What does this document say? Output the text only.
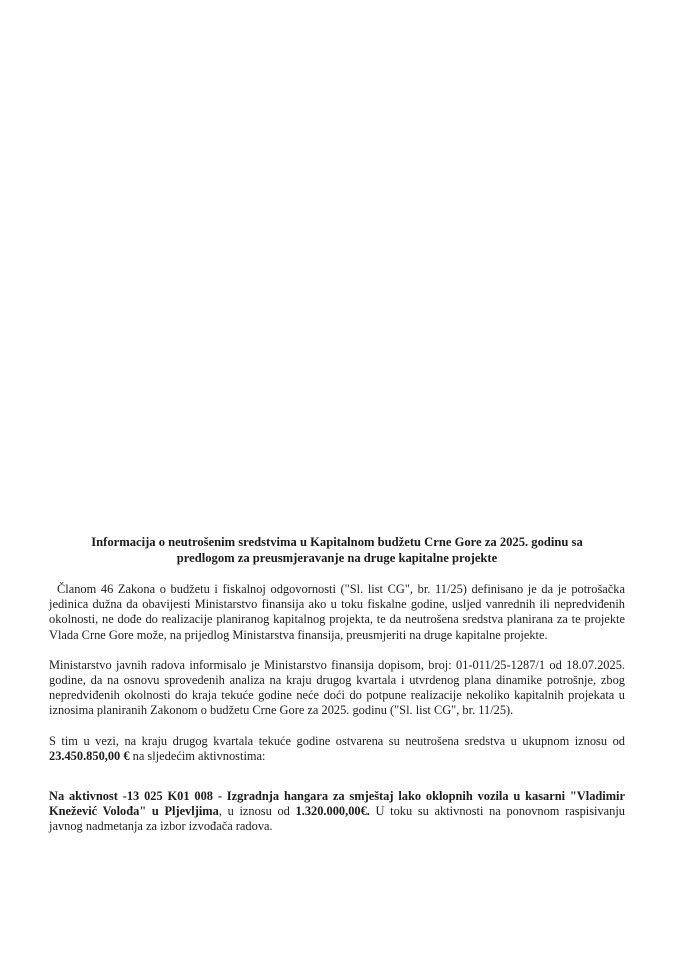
Informacija o neutrošenim sredstvima u Kapitalnom budžetu Crne Gore za 2025. godinu sa predlogom za preusmjeravanje na druge kapitalne projekte

Članom 46 Zakona o budžetu i fiskalnoj odgovornosti ("Sl. list CG", br. 11/25) definisano je da je potrošačka jedinica dužna da obavijesti Ministarstvo finansija ako u toku fiskalne godine, usljed vanrednih ili nepredviđenih okolnosti, ne dođe do realizacije planiranog kapitalnog projekta, te da neutrošena sredstva planirana za te projekte Vlada Crne Gore može, na prijedlog Ministarstva finansija, preusmjeriti na druge kapitalne projekte.

Ministarstvo javnih radova informisalo je Ministarstvo finansija dopisom, broj: 01-011/25-1287/1 od 18.07.2025. godine, da na osnovu sprovedenih analiza na kraju drugog kvartala i utvrdenog plana dinamike potrošnje, zbog nepredviđenih okolnosti do kraja tekuće godine neće doći do potpune realizacije nekoliko kapitalnih projekata u iznosima planiranih Zakonom o budžetu Crne Gore za 2025. godinu ("Sl. list CG", br. 11/25).

S tim u vezi, na kraju drugog kvartala tekuće godine ostvarena su neutrošena sredstva u ukupnom iznosu od 23.450.850,00 € na sljedećim aktivnostima:

Na aktivnost -13 025 K01 008 - Izgradnja hangara za smještaj lako oklopnih vozila u kasarni "Vladimir Knežević Volođa" u Pljevljima, u iznosu od 1.320.000,00€. U toku su aktivnosti na ponovnom raspisivanju javnog nadmetanja za izbor izvođača radova.
